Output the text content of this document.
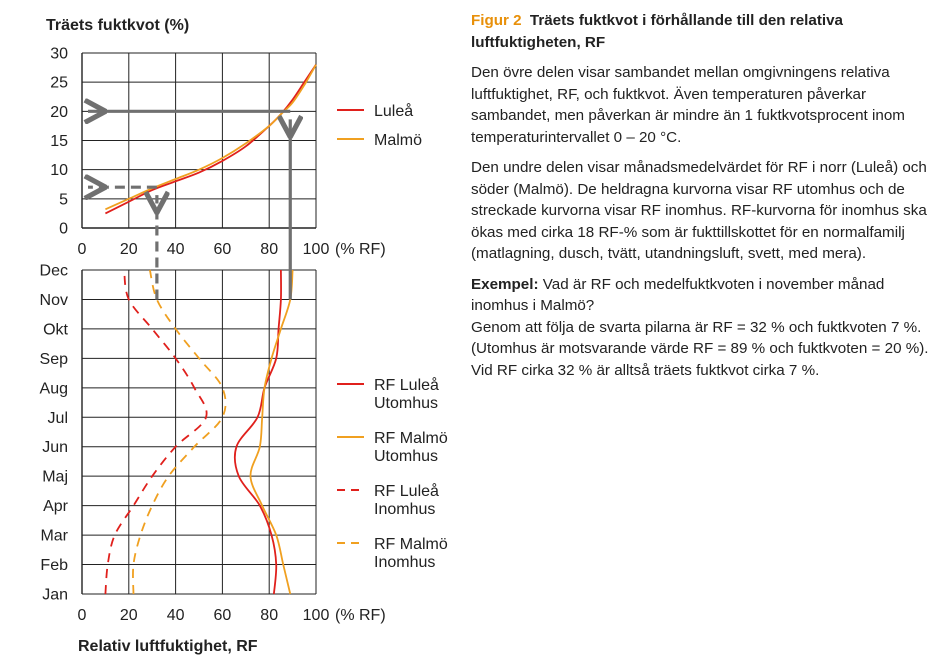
Träets fuktkvot (%)
(% RF)
(% RF)
Relativ luftfuktighet, RF
0 20 40 60 80 100
0
5
10
15
20
25
30
0 20 40 60 80 100
Jan
Feb
Mar
Apr
Maj
Jun
Jul
Aug
Sep
Okt
Nov
Dec
Luleå
Malmö
RF Luleå
Utomhus
RF Malmö
Utomhus
RF Luleå
Inomhus
RF Malmö
Inomhus

Figur 2 Träets fuktkvot i förhållande till den relativa luftfuktigheten, RF

Den övre delen visar sambandet mellan omgivningens relativa luftfuktighet, RF, och fuktkvot. Även temperaturen påverkar sambandet, men påverkan är mindre än 1 fuktkvotsprocent inom temperaturintervallet 0 – 20 °C.

Den undre delen visar månadsmedelvärdet för RF i norr (Luleå) och söder (Malmö). De heldragna kurvorna visar RF utomhus och de streckade kurvorna visar RF inomhus. RF-kurvorna för inomhus ska ökas med cirka 18 RF-% som är fukttillskottet för en normalfamilj (matlagning, dusch, tvätt, utandningsluft, svett, med mera).

Exempel: Vad är RF och medelfuktkvoten i november månad inomhus i Malmö?

Genom att följa de svarta pilarna är RF = 32 % och fuktkvoten 7 %. (Utomhus är motsvarande värde RF = 89 % och fuktkvoten = 20 %). Vid RF cirka 32 % är alltså träets fuktkvot cirka 7 %.
